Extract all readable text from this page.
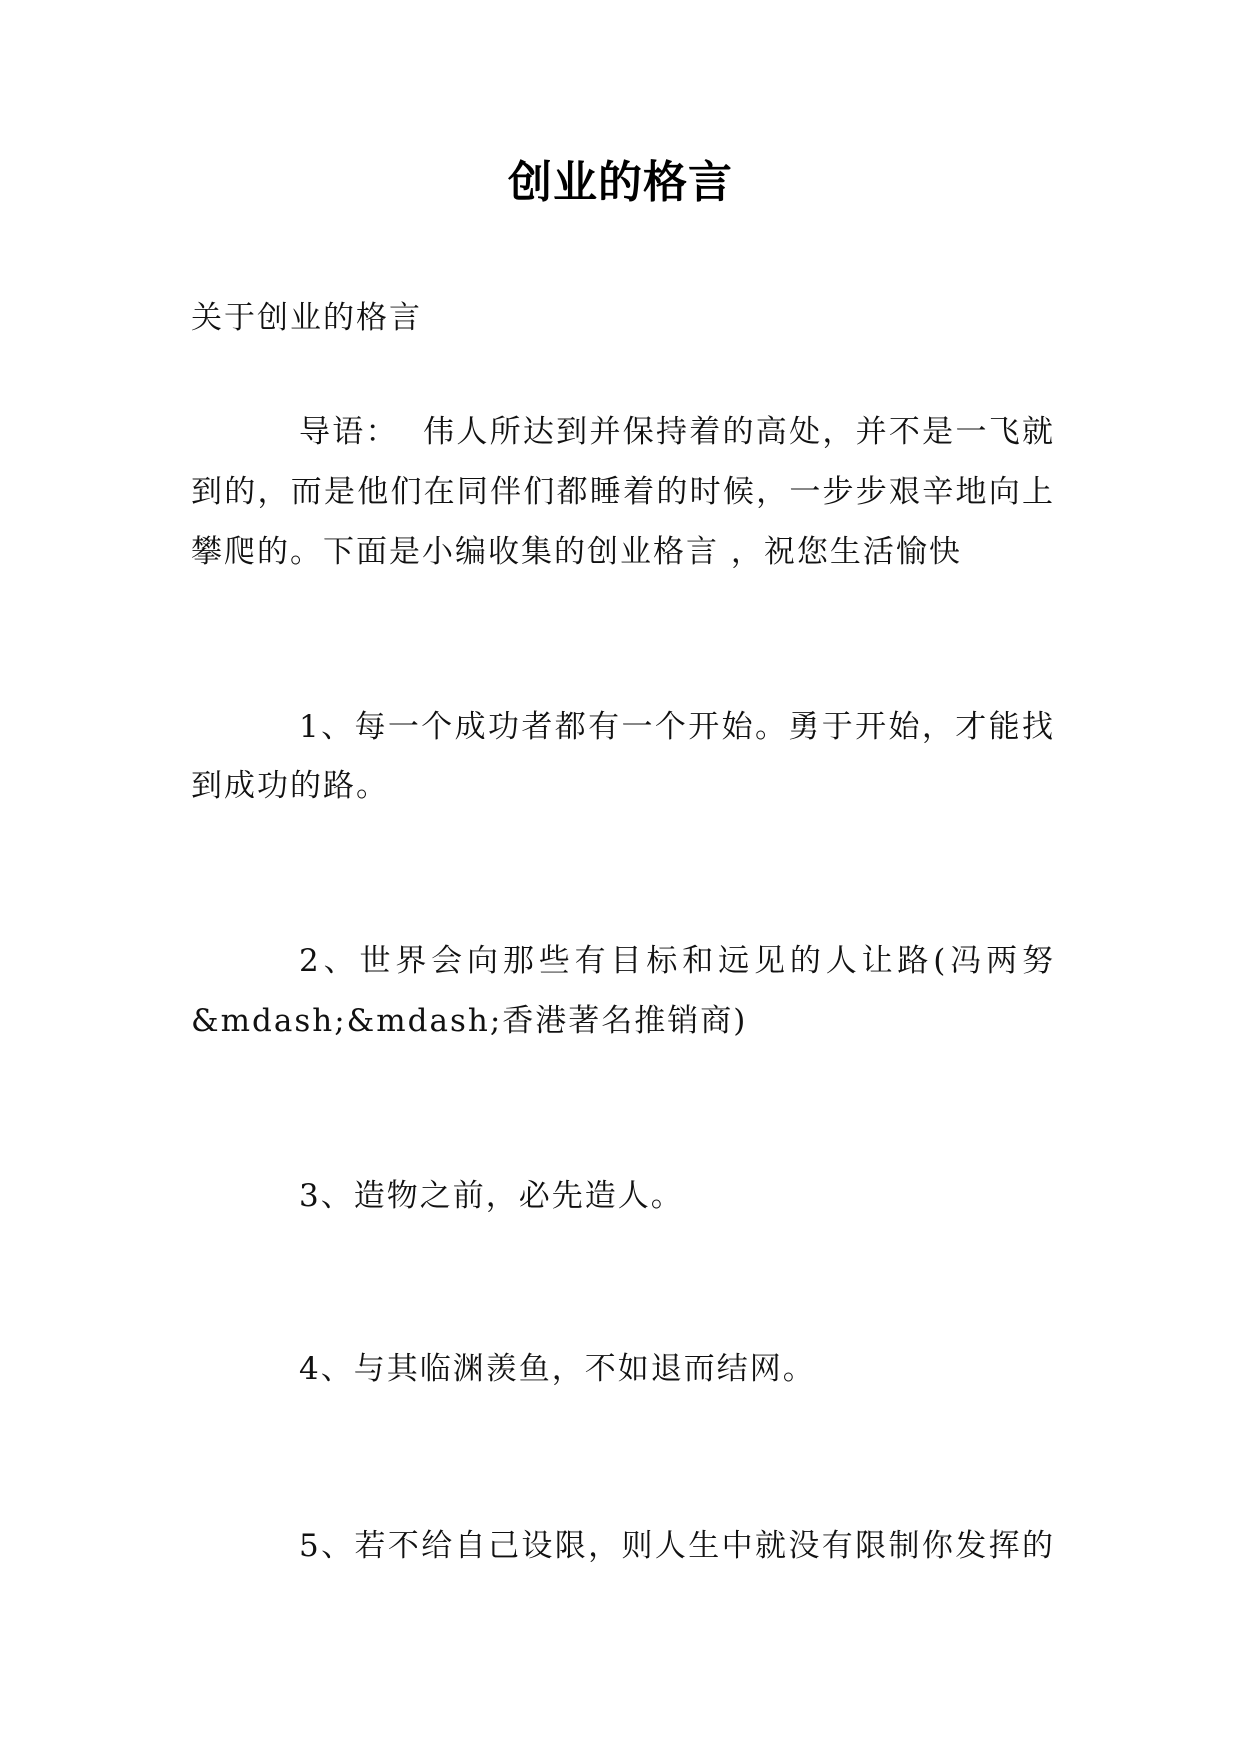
创业的格言
关于创业的格言
导语：  伟人所达到并保持着的高处，并不是一飞就
到的，而是他们在同伴们都睡着的时候，一步步艰辛地向上
攀爬的。下面是小编收集的创业格言 ，祝您生活愉快
1、每一个成功者都有一个开始。勇于开始，才能找
到成功的路。
2、世界会向那些有目标和远见的人让路(冯两努
&mdash;&mdash;香港著名推销商)
3、造物之前，必先造人。
4、与其临渊羡鱼，不如退而结网。
5、若不给自己设限，则人生中就没有限制你发挥的
